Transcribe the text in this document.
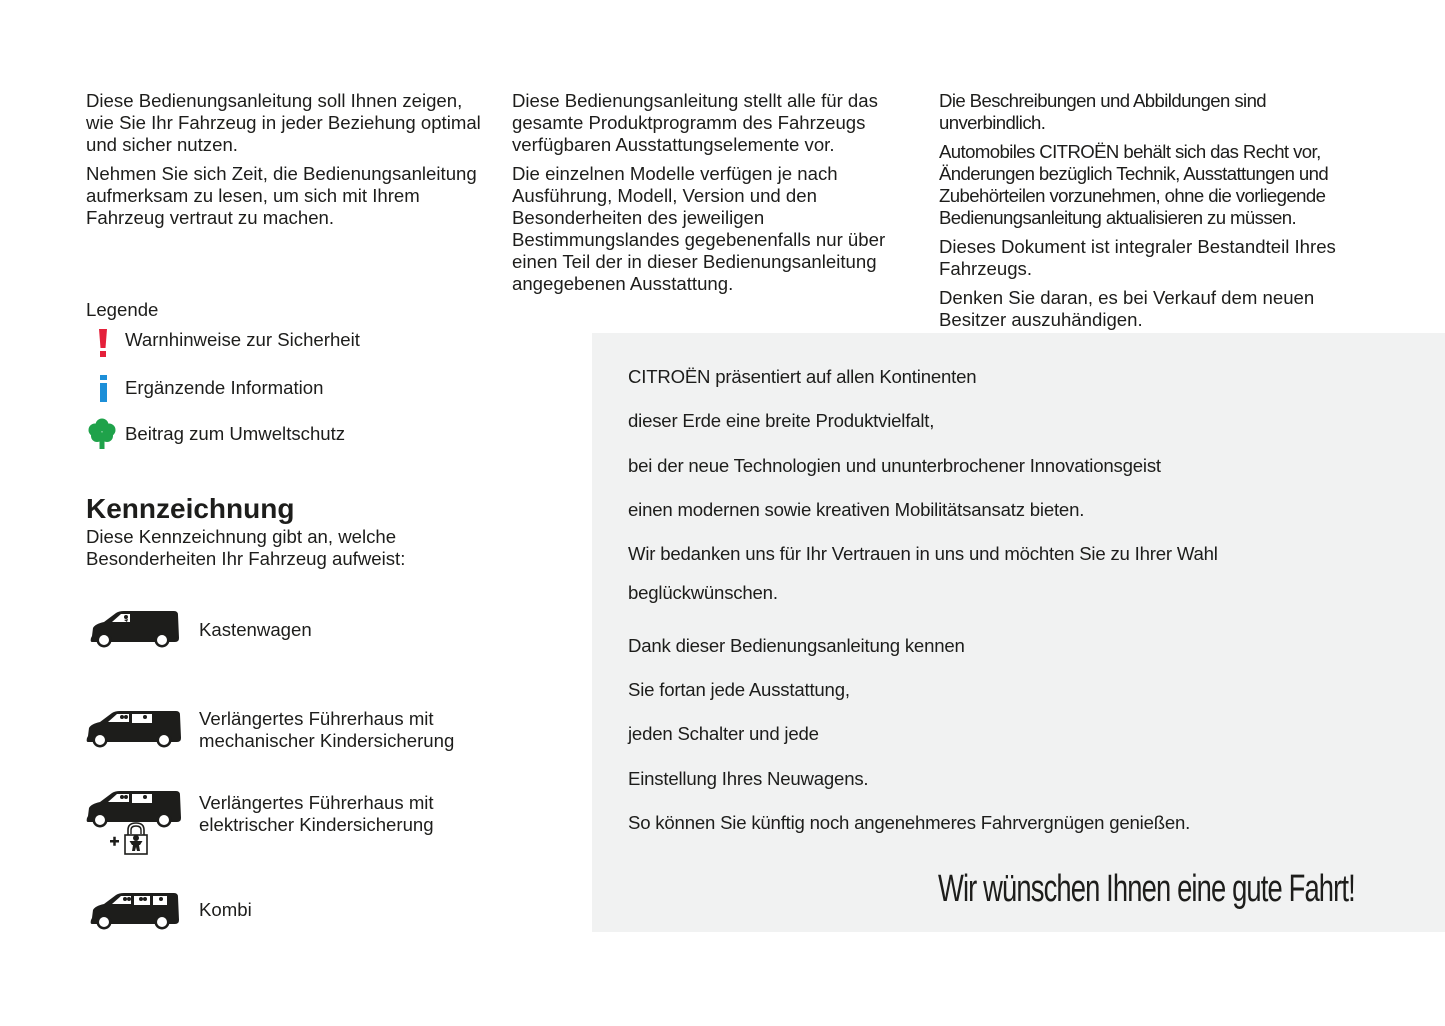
Diese Bedienungsanleitung soll Ihnen zeigen, wie Sie Ihr Fahrzeug in jeder Beziehung optimal und sicher nutzen.

Nehmen Sie sich Zeit, die Bedienungsanleitung aufmerksam zu lesen, um sich mit Ihrem Fahrzeug vertraut zu machen.

Diese Bedienungsanleitung stellt alle für das gesamte Produktprogramm des Fahrzeugs verfügbaren Ausstattungselemente vor.

Die einzelnen Modelle verfügen je nach Ausführung, Modell, Version und den Besonderheiten des jeweiligen Bestimmungslandes gegebenenfalls nur über einen Teil der in dieser Bedienungsanleitung angegebenen Ausstattung.

Die Beschreibungen und Abbildungen sind unverbindlich.

Automobiles CITROËN behält sich das Recht vor, Änderungen bezüglich Technik, Ausstattungen und Zubehörteilen vorzunehmen, ohne die vorliegende Bedienungsanleitung aktualisieren zu müssen.

Dieses Dokument ist integraler Bestandteil Ihres Fahrzeugs.

Denken Sie daran, es bei Verkauf dem neuen Besitzer auszuhändigen.

Legende

Warnhinweise zur Sicherheit
Ergänzende Information
Beitrag zum Umweltschutz
Kennzeichnung

Diese Kennzeichnung gibt an, welche Besonderheiten Ihr Fahrzeug aufweist:

Kastenwagen
Verlängertes Führerhaus mit
mechanischer Kindersicherung
Verlängertes Führerhaus mit
elektrischer Kindersicherung
Kombi
CITROËN präsentiert auf allen Kontinenten
dieser Erde eine breite Produktvielfalt,
bei der neue Technologien und ununterbrochener Innovationsgeist
einen modernen sowie kreativen Mobilitätsansatz bieten.
Wir bedanken uns für Ihr Vertrauen in uns und möchten Sie zu Ihrer Wahl
beglückwünschen.
Dank dieser Bedienungsanleitung kennen
Sie fortan jede Ausstattung,
jeden Schalter und jede
Einstellung Ihres Neuwagens.
So können Sie künftig noch angenehmeres Fahrvergnügen genießen.
Wir wünschen Ihnen eine gute Fahrt!
